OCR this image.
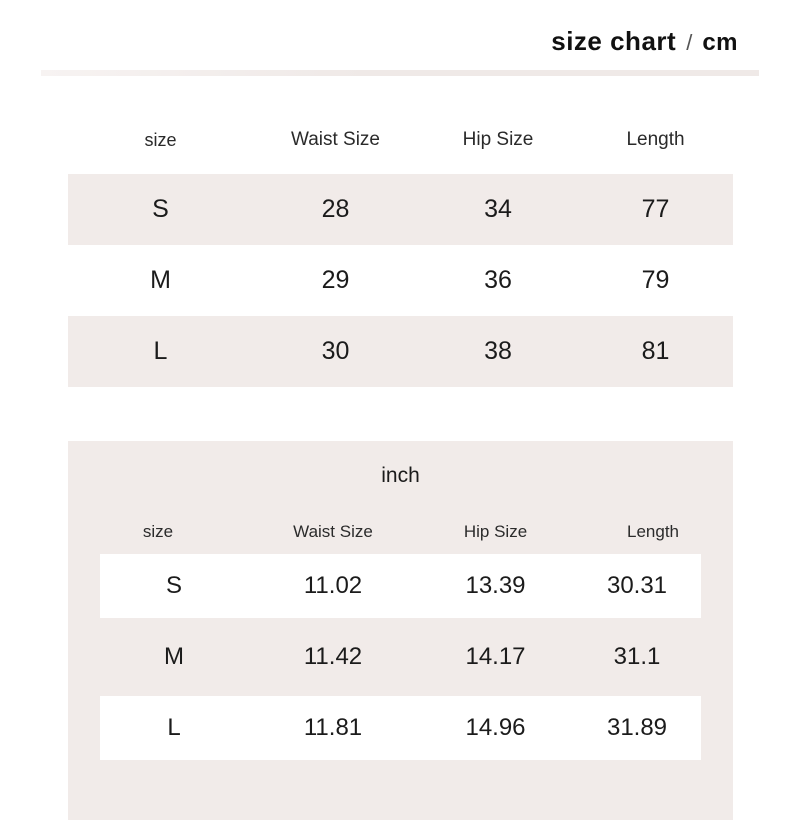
size chart / cm
size	Waist Size	Hip Size	Length
S	28	34	77
M	29	36	79
L	30	38	81
inch
size	Waist Size	Hip Size	Length
S	11.02	13.39	30.31
M	11.42	14.17	31.1
L	11.81	14.96	31.89
